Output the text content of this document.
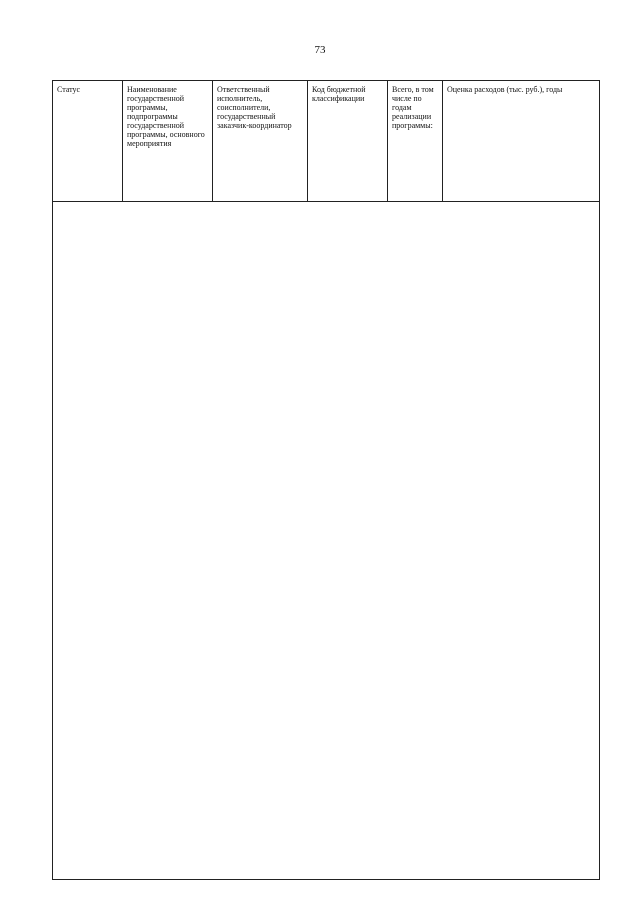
73
Статус	Наименование государственной программы, подпрограммы государственной программы, основного мероприятия
Ответственный исполнитель, соисполнители, государственный заказчик-координатор
Код бюджетной классификации
Всего, в том числе по годам реализации программы:
Оценка расходов (тыс. руб.), годы
